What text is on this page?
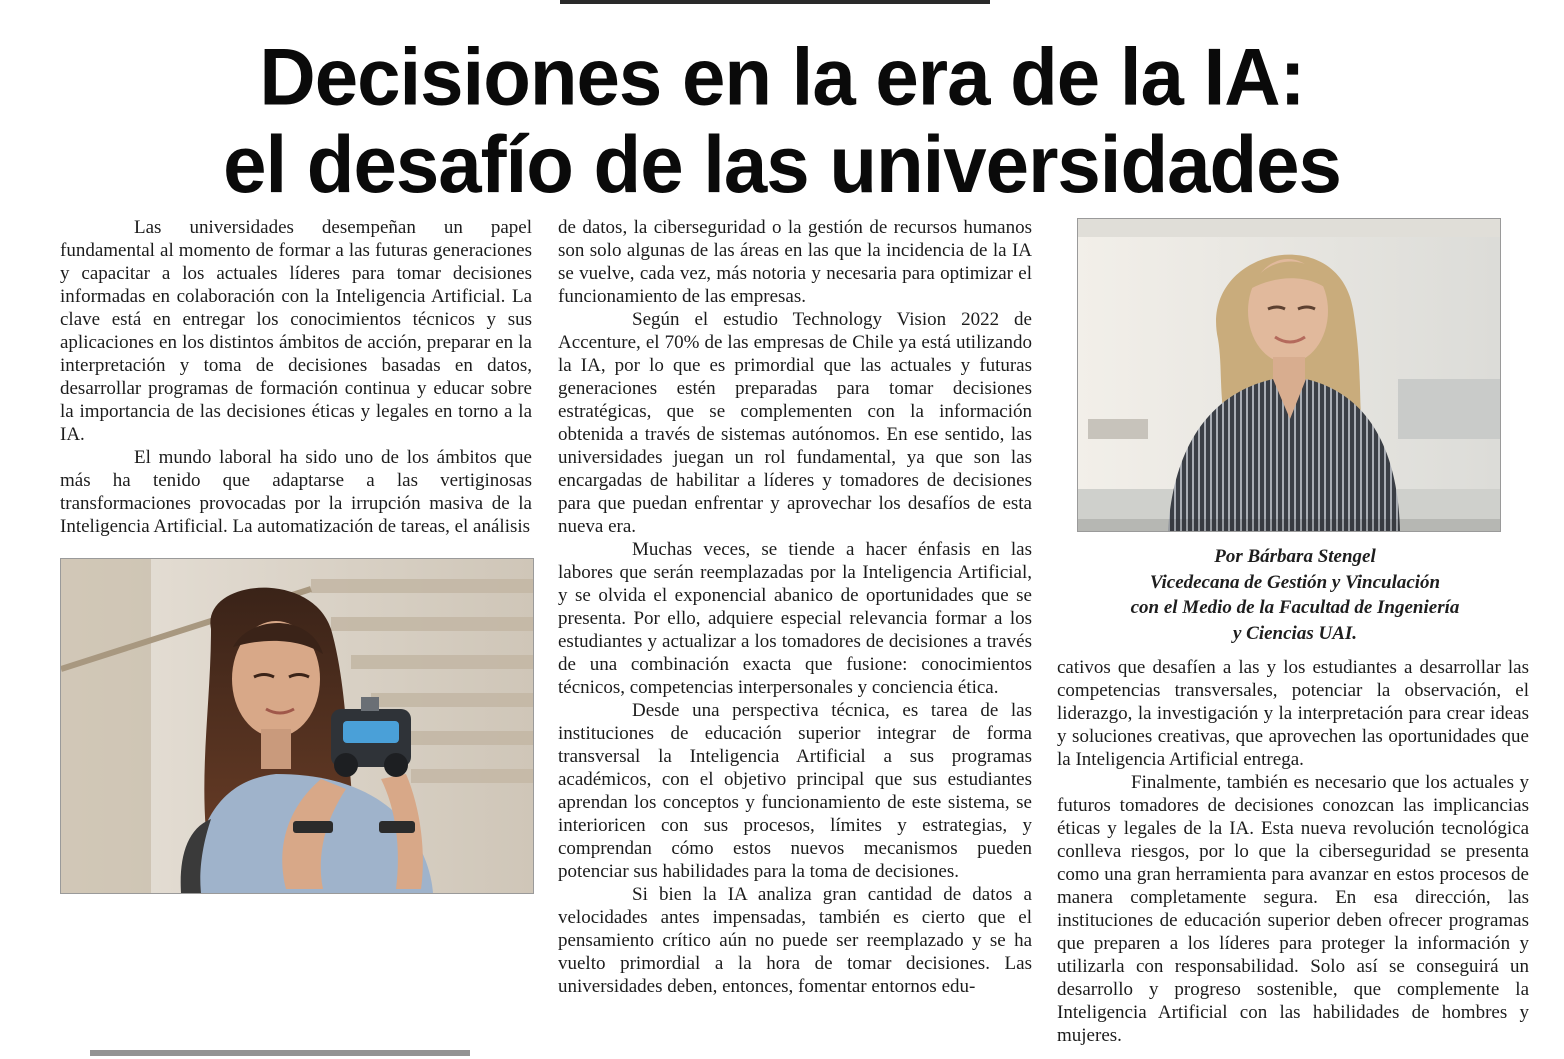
Decisiones en la era de la IA:
el desafío de las universidades

Las universidades desempeñan un papel fundamental al momento de formar a las futuras generaciones y capacitar a los actuales líderes para tomar decisiones informadas en colaboración con la Inteligencia Artificial. La clave está en entregar los conocimientos técnicos y sus aplicaciones en los distintos ámbitos de acción, preparar en la interpretación y toma de decisiones basadas en datos, desarrollar programas de formación continua y educar sobre la importancia de las decisiones éticas y legales en torno a la IA.

El mundo laboral ha sido uno de los ámbitos que más ha tenido que adaptarse a las vertiginosas transformaciones provocadas por la irrupción masiva de la Inteligencia Artificial. La automatización de tareas, el análisis

de datos, la ciberseguridad o la gestión de recursos humanos son solo algunas de las áreas en las que la incidencia de la IA se vuelve, cada vez, más notoria y necesaria para optimizar el funcionamiento de las empresas.

Según el estudio Technology Vision 2022 de Accenture, el 70% de las empresas de Chile ya está utilizando la IA, por lo que es primordial que las actuales y futuras generaciones estén preparadas para tomar decisiones estratégicas, que se complementen con la información obtenida a través de sistemas autónomos. En ese sentido, las universidades juegan un rol fundamental, ya que son las encargadas de habilitar a líderes y tomadores de decisiones para que puedan enfrentar y aprovechar los desafíos de esta nueva era.

Muchas veces, se tiende a hacer énfasis en las labores que serán reemplazadas por la Inteligencia Artificial, y se olvida el exponencial abanico de oportunidades que se presenta. Por ello, adquiere especial relevancia formar a los estudiantes y actualizar a los tomadores de decisiones a través de una combinación exacta que fusione: conocimientos técnicos, competencias interpersonales y conciencia ética.

Desde una perspectiva técnica, es tarea de las instituciones de educación superior integrar de forma transversal la Inteligencia Artificial a sus programas académicos, con el objetivo principal que sus estudiantes aprendan los conceptos y funcionamiento de este sistema, se interioricen con sus procesos, límites y estrategias, y comprendan cómo estos nuevos mecanismos pueden potenciar sus habilidades para la toma de decisiones.

Si bien la IA analiza gran cantidad de datos a velocidades antes impensadas, también es cierto que el pensamiento crítico aún no puede ser reemplazado y se ha vuelto primordial a la hora de tomar decisiones. Las universidades deben, entonces, fomentar entornos edu-

Por Bárbara Stengel
Vicedecana de Gestión y Vinculación
con el Medio de la Facultad de Ingeniería
y Ciencias UAI.

cativos que desafíen a las y los estudiantes a desarrollar las competencias transversales, potenciar la observación, el liderazgo, la investigación y la interpretación para crear ideas y soluciones creativas, que aprovechen las oportunidades que la Inteligencia Artificial entrega.

Finalmente, también es necesario que los actuales y futuros tomadores de decisiones conozcan las implicancias éticas y legales de la IA. Esta nueva revolución tecnológica conlleva riesgos, por lo que la ciberseguridad se presenta como una gran herramienta para avanzar en estos procesos de manera completamente segura. En esa dirección, las instituciones de educación superior deben ofrecer programas que preparen a los líderes para proteger la información y utilizarla con responsabilidad. Solo así se conseguirá un desarrollo y progreso sostenible, que complemente la Inteligencia Artificial con las habilidades de hombres y mujeres.
